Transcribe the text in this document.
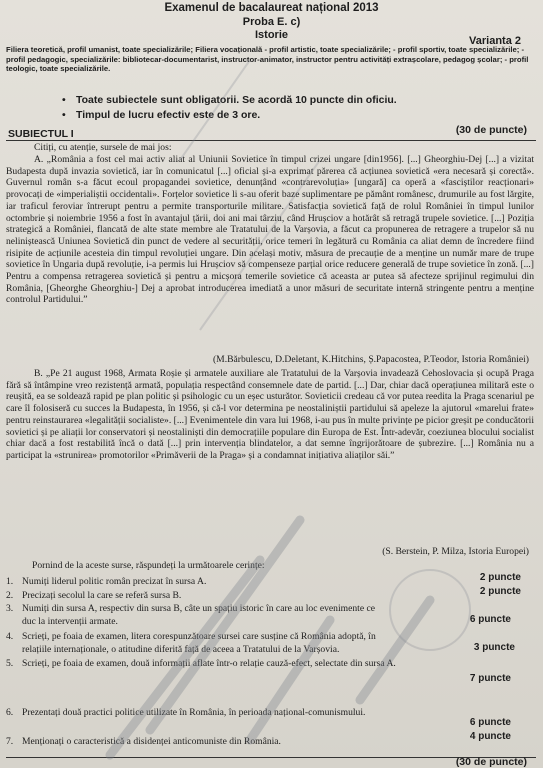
Examenul de bacalaureat național 2013
Proba E. c)
Istorie	Varianta 2
Filiera teoretică, profil umanist, toate specializările; Filiera vocațională - profil artistic, toate specializările; - profil sportiv, toate specializările; - profil pedagogic, specializările: bibliotecar-documentarist, instructor-animator, instructor pentru activități extrașcolare, pedagog școlar; - profil teologic, toate specializările.
• Toate subiectele sunt obligatorii. Se acordă 10 puncte din oficiu.
• Timpul de lucru efectiv este de 3 ore.
SUBIECTUL I	(30 de puncte)
Citiți, cu atenție, sursele de mai jos:
A. „România a fost cel mai activ aliat al Uniunii Sovietice în timpul crizei ungare [din1956]. [...] Gheorghiu-Dej [...] a vizitat Budapesta după invazia sovietică, iar în comunicatul [...] oficial și-a exprimat părerea că acțiunea sovietică «era necesară și corectă». Guvernul român s-a făcut ecoul propagandei sovietice, denunțând «contrarevoluția» [ungară] ca operă a «fasciștilor reacționari» provocați de «imperialiștii occidentali». Forțelor sovietice li s-au oferit baze suplimentare pe pământ românesc, drumurile au fost lărgite, iar traficul feroviar întrerupt pentru a permite transporturile militare. Satisfacția sovietică față de rolul României în timpul lunilor octombrie și noiembrie 1956 a fost în avantajul țării, doi ani mai târziu, când Hrușciov a hotărât să retragă trupele sovietice. [...] Poziția strategică a României, flancată de alte state membre ale Tratatului de la Varșovia, a făcut ca propunerea de retragere a trupelor să nu neliniștească Uniunea Sovietică din punct de vedere al securității, orice temeri în legătură cu România ca aliat demn de încredere fiind risipite de acțiunile acesteia din timpul revoluției ungare. Din același motiv, măsura de precauție de a menține un număr mare de trupe sovietice în Ungaria după revoluție, i-a permis lui Hrușciov să compenseze parțial orice reducere generală de trupe sovietice în zonă. [...] Pentru a compensa retragerea sovietică și pentru a micșora temerile sovietice că aceasta ar putea să afecteze sprijinul regimului din România, [Gheorghe Gheorghiu-] Dej a aprobat introducerea imediată a unor măsuri de securitate internă stringente pentru a menține controlul Partidului.”
(M.Bărbulescu, D.Deletant, K.Hitchins, Ș.Papacostea, P.Teodor, Istoria României)
B. „Pe 21 august 1968, Armata Roșie și armatele auxiliare ale Tratatului de la Varșovia invadează Cehoslovacia și ocupă Praga fără să întâmpine vreo rezistență armată, populația respectând consemnele date de partid. [...] Dar, chiar dacă operațiunea militară este o reușită, ea se soldează rapid pe plan politic și psihologic cu un eșec usturător. Sovieticii credeau că vor putea reedita la Praga scenariul pe care îl folosiseră cu succes la Budapesta, în 1956, și că-l vor determina pe neostaliniștii partidului să apeleze la ajutorul «marelui frate» pentru reinstaurarea «legalității socialiste». [...] Evenimentele din vara lui 1968, i-au pus în multe privințe pe picior greșit pe conducătorii sovietici și pe aliații lor conservatori și neostaliniști din democrațiile populare din Europa de Est. Într-adevăr, coeziunea blocului socialist chiar dacă a fost restabilită încă o dată [...] prin intervenția blindatelor, a dat semne îngrijorătoare de șubrezire. [...] România nu a participat la «strunirea» promotorilor «Primăverii de la Praga» și a condamnat inițiativa aliaților săi.”
(S. Berstein, P. Milza, Istoria Europei)
Pornind de la aceste surse, răspundeți la următoarele cerințe:
1. Numiți liderul politic român precizat în sursa A.	2 puncte
2. Precizați secolul la care se referă sursa B.	2 puncte
3. Numiți din sursa A, respectiv din sursa B, câte un spațiu istoric în care au loc evenimente ce
duc la intervenții armate.	6 puncte
4. Scrieți, pe foaia de examen, litera corespunzătoare sursei care susține că România adoptă, în
relațiile internaționale, o atitudine diferită față de aceea a Tratatului de la Varșovia.	3 puncte
5. Scrieți, pe foaia de examen, două informații aflate într-o relație cauză-efect, selectate din sursa A.
7 puncte
6. Prezentați două practici politice utilizate în România, în perioada național-comunismului.
6 puncte
7. Menționați o caracteristică a disidenței anticomuniste din România.	4 puncte
(30 de puncte)
